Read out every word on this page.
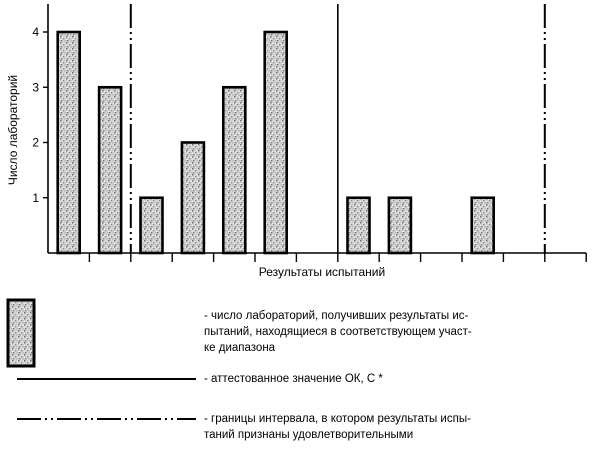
1
2
3
4
Число лабораторий
Результаты испытаний
- число лабораторий, получивших результаты ис-
пытаний, находящиеся в соответствующем участ-
ке диапазона
- аттестованное значение ОК, С *
- границы интервала, в котором результаты испы-
таний признаны удовлетворительными
